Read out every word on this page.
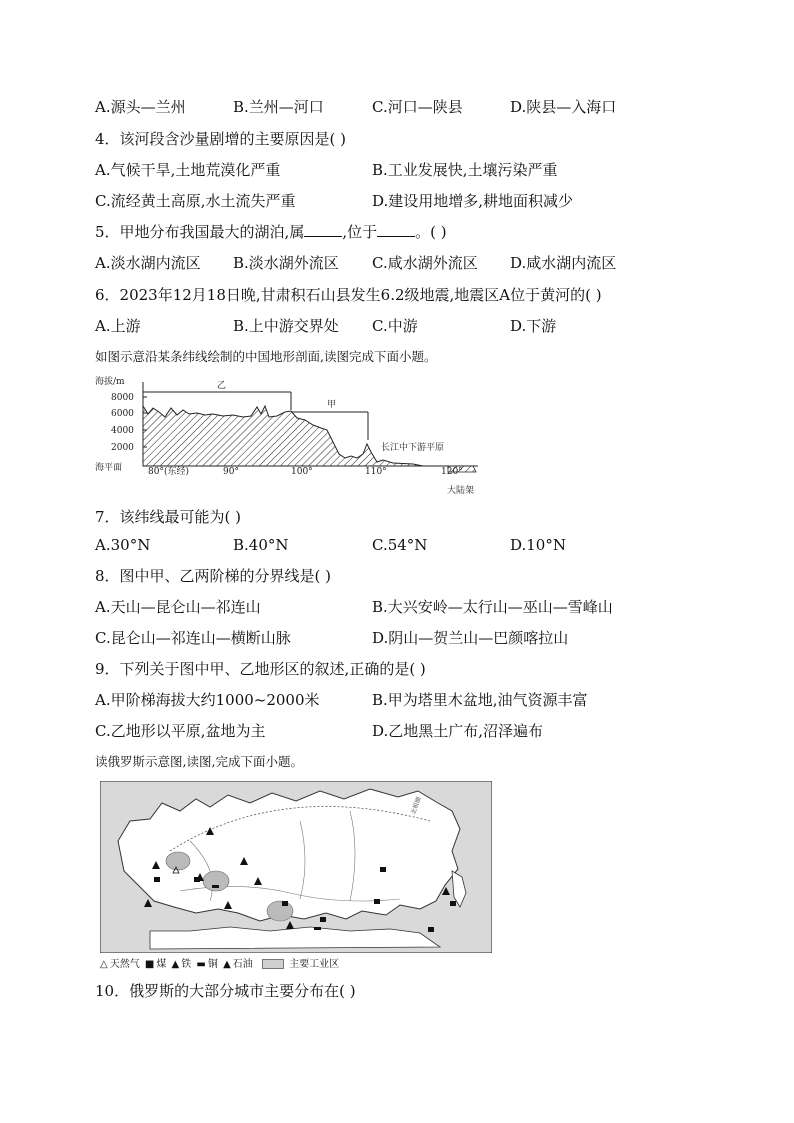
A.源头—兰州	B.兰州—河口	C.河口—陕县	D.陕县—入海口
4．该河段含沙量剧增的主要原因是( )
A.气候干旱,土地荒漠化严重	B.工业发展快,土壤污染严重
C.流经黄土高原,水土流失严重	D.建设用地增多,耕地面积减少
5．甲地分布我国最大的湖泊,属	,位于	。( )
A.淡水湖内流区 B.淡水湖外流区 C.咸水湖外流区 D.咸水湖内流区
6．2023年12月18日晚,甘肃积石山县发生6.2级地震,地震区A位于黄河的( )
A.上游	B.上中游交界处 C.中游	D.下游
如图示意沿某条纬线绘制的中国地形剖面,读图完成下面小题。
海拔/m
8000
6000
4000
2000
海平面
乙
甲
长江中下游平原
80°(东经)	90°	100°	110°	120°
大陆架
7．该纬线最可能为( )
A.30°N	B.40°N	C.54°N	D.10°N
8．图中甲、乙两阶梯的分界线是( )
A.天山—昆仑山—祁连山	B.大兴安岭—太行山—巫山—雪峰山
C.昆仑山—祁连山—横断山脉	D.阴山—贺兰山—巴颜喀拉山
9．下列关于图中甲、乙地形区的叙述,正确的是( )
A.甲阶梯海拔大约1000~2000米	B.甲为塔里木盆地,油气资源丰富
C.乙地形以平原,盆地为主	D.乙地黑土广布,沼泽遍布
读俄罗斯示意图,读图,完成下面小题。
北极圈
△ 天然气 ■ 煤 ▲ 铁 ▬ 铜 ▲ 石油	主要工业区
10．俄罗斯的大部分城市主要分布在( )
